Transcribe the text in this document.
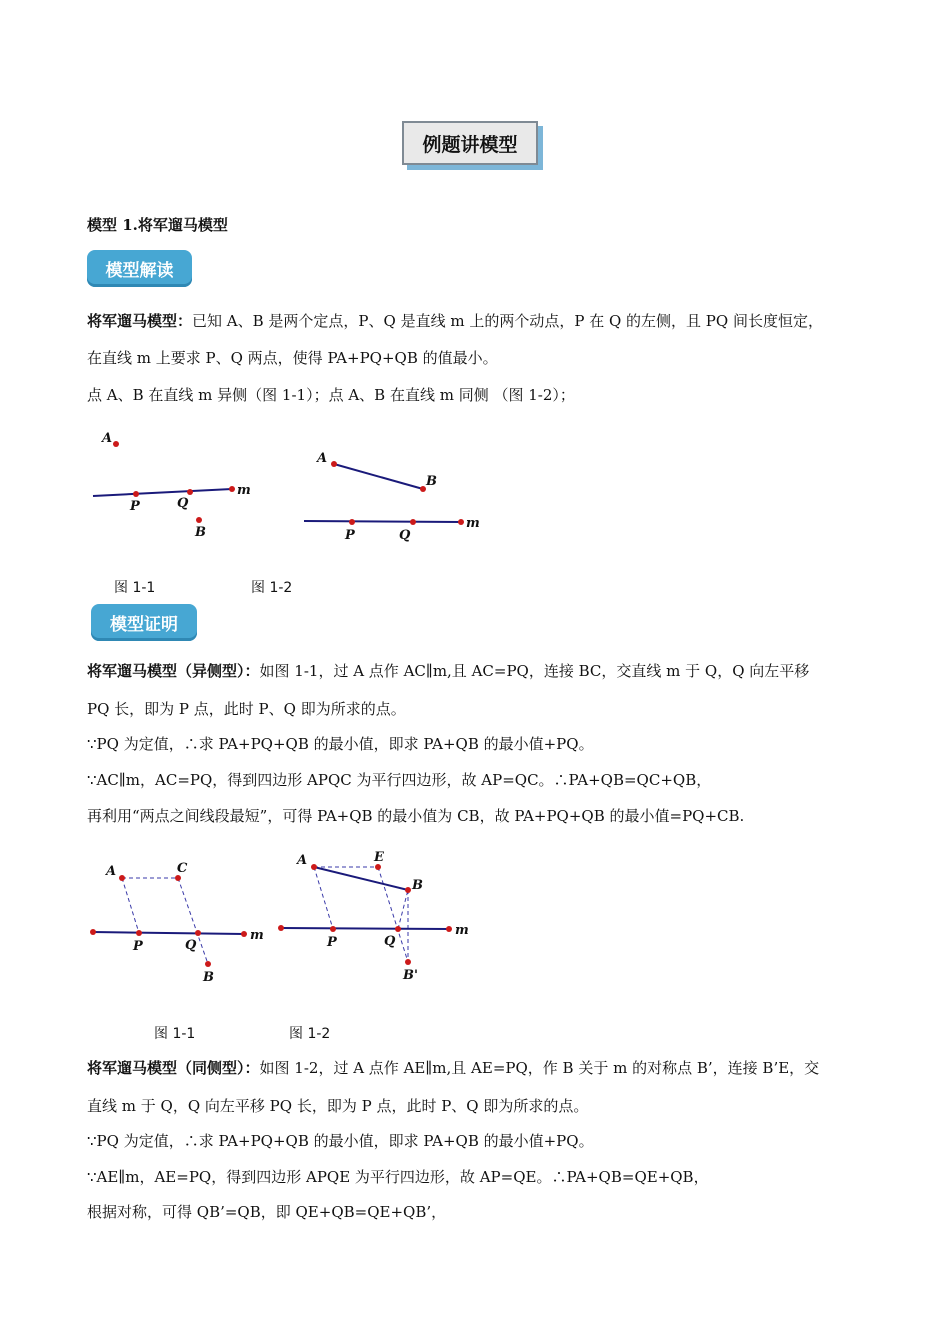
例题讲模型
模型 1.将军遛马模型
模型解读
将军遛马模型：已知 A、B 是两个定点，P、Q 是直线 m 上的两个动点，P 在 Q 的左侧，且 PQ 间长度恒定，
在直线 m 上要求 P、Q 两点，使得 PA+PQ+QB 的值最小。
点 A、B 在直线 m 异侧（图 1-1）；点 A、B 在直线 m 同侧 （图 1-2）；
A
P	Q
m
B
A
B
P	Q
m
图 1-1	图 1-2
模型证明
将军遛马模型（异侧型）：如图 1-1，过 A 点作 AC∥m,且 AC=PQ，连接 BC，交直线 m 于 Q，Q 向左平移
PQ 长，即为 P 点，此时 P、Q 即为所求的点。
∵PQ 为定值，∴求 PA+PQ+QB 的最小值，即求 PA+QB 的最小值+PQ。
∵AC∥m，AC=PQ，得到四边形 APQC 为平行四边形，故 AP=QC。∴PA+QB=QC+QB，
再利用“两点之间线段最短”，可得 PA+QB 的最小值为 CB，故 PA+PQ+QB 的最小值=PQ+CB.
A	C
P	Q
m
B
A	E
B
P	Q
m
B'
图 1-1	图 1-2
将军遛马模型（同侧型）：如图 1-2，过 A 点作 AE∥m,且 AE=PQ，作 B 关于 m 的对称点 B’，连接 B’E，交
直线 m 于 Q，Q 向左平移 PQ 长，即为 P 点，此时 P、Q 即为所求的点。
∵PQ 为定值，∴求 PA+PQ+QB 的最小值，即求 PA+QB 的最小值+PQ。
∵AE∥m，AE=PQ，得到四边形 APQE 为平行四边形，故 AP=QE。∴PA+QB=QE+QB，
根据对称，可得 QB’=QB，即 QE+QB=QE+QB’，
